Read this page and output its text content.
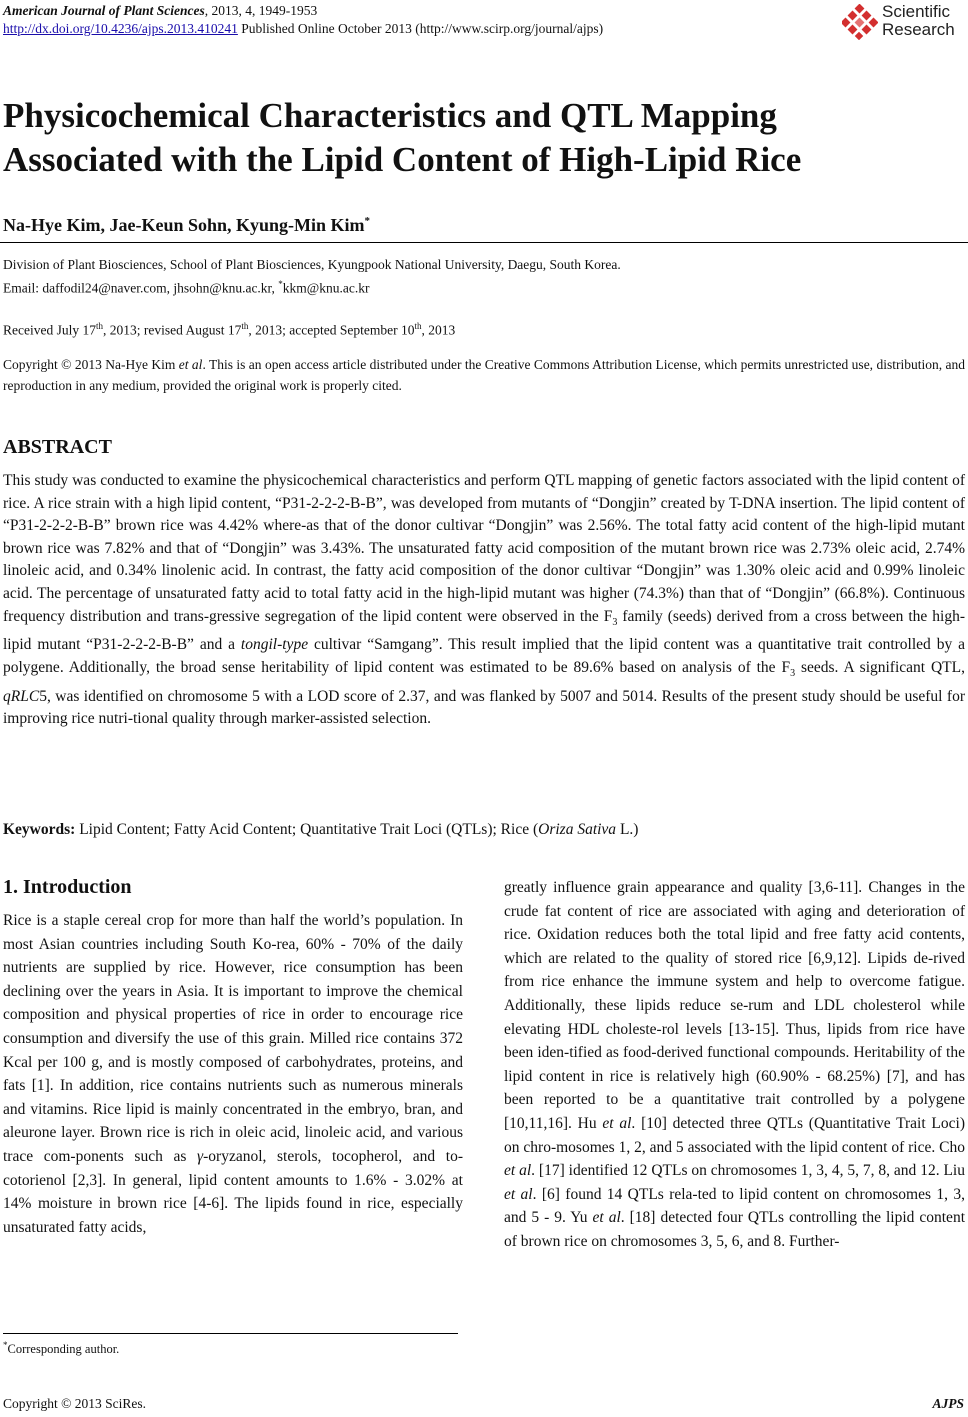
American Journal of Plant Sciences, 2013, 4, 1949-1953
http://dx.doi.org/10.4236/ajps.2013.410241 Published Online October 2013 (http://www.scirp.org/journal/ajps)
Scientific
Research
Physicochemical Characteristics and QTL Mapping Associated with the Lipid Content of High-Lipid Rice
Na-Hye Kim, Jae-Keun Sohn, Kyung-Min Kim*
Division of Plant Biosciences, School of Plant Biosciences, Kyungpook National University, Daegu, South Korea.
Email: daffodil24@naver.com, jhsohn@knu.ac.kr, *kkm@knu.ac.kr
Received July 17th, 2013; revised August 17th, 2013; accepted September 10th, 2013

Copyright © 2013 Na-Hye Kim et al. This is an open access article distributed under the Creative Commons Attribution License, which permits unrestricted use, distribution, and reproduction in any medium, provided the original work is properly cited.

ABSTRACT

This study was conducted to examine the physicochemical characteristics and perform QTL mapping of genetic factors associated with the lipid content of rice. A rice strain with a high lipid content, “P31-2-2-2-B-B”, was developed from mutants of “Dongjin” created by T-DNA insertion. The lipid content of “P31-2-2-2-B-B” brown rice was 4.42% where-as that of the donor cultivar “Dongjin” was 2.56%. The total fatty acid content of the high-lipid mutant brown rice was 7.82% and that of “Dongjin” was 3.43%. The unsaturated fatty acid composition of the mutant brown rice was 2.73% oleic acid, 2.74% linoleic acid, and 0.34% linolenic acid. In contrast, the fatty acid composition of the donor cultivar “Dongjin” was 1.30% oleic acid and 0.99% linoleic acid. The percentage of unsaturated fatty acid to total fatty acid in the high-lipid mutant was higher (74.3%) than that of “Dongjin” (66.8%). Continuous frequency distribution and trans-gressive segregation of the lipid content were observed in the $F_3$ family (seeds) derived from a cross between the high-lipid mutant “P31-2-2-2-B-B” and a tongil-type cultivar “Samgang”. This result implied that the lipid content was a quantitative trait controlled by a polygene. Additionally, the broad sense heritability of lipid content was estimated to be 89.6% based on analysis of the $F_3$ seeds. A significant QTL, qRLC5, was identified on chromosome 5 with a LOD score of 2.37, and was flanked by 5007 and 5014. Results of the present study should be useful for improving rice nutri-tional quality through marker-assisted selection.

Keywords: Lipid Content; Fatty Acid Content; Quantitative Trait Loci (QTLs); Rice (Oriza Sativa L.)

1. Introduction

Rice is a staple cereal crop for more than half the world’s population. In most Asian countries including South Ko-rea, 60% - 70% of the daily nutrients are supplied by rice. However, rice consumption has been declining over the years in Asia. It is important to improve the chemical composition and physical properties of rice in order to encourage rice consumption and diversify the use of this grain. Milled rice contains 372 Kcal per 100 g, and is mostly composed of carbohydrates, proteins, and fats [1]. In addition, rice contains nutrients such as numerous minerals and vitamins. Rice lipid is mainly concentrated in the embryo, bran, and aleurone layer. Brown rice is rich in oleic acid, linoleic acid, and various trace com-ponents such as γ-oryzanol, sterols, tocopherol, and to-cotorienol [2,3]. In general, lipid content amounts to 1.6% - 3.02% at 14% moisture in brown rice [4-6]. The lipids found in rice, especially unsaturated fatty acids,

greatly influence grain appearance and quality [3,6-11]. Changes in the crude fat content of rice are associated with aging and deterioration of rice. Oxidation reduces both the total lipid and free fatty acid contents, which are related to the quality of stored rice [6,9,12]. Lipids de-rived from rice enhance the immune system and help to overcome fatigue. Additionally, these lipids reduce se-rum and LDL cholesterol while elevating HDL choleste-rol levels [13-15]. Thus, lipids from rice have been iden-tified as food-derived functional compounds. Heritability of the lipid content in rice is relatively high (60.90% - 68.25%) [7], and has been reported to be a quantitative trait controlled by a polygene [10,11,16]. Hu et al. [10] detected three QTLs (Quantitative Trait Loci) on chro-mosomes 1, 2, and 5 associated with the lipid content of rice. Cho et al. [17] identified 12 QTLs on chromosomes 1, 3, 4, 5, 7, 8, and 12. Liu et al. [6] found 14 QTLs rela-ted to lipid content on chromosomes 1, 3, and 5 - 9. Yu et al. [18] detected four QTLs controlling the lipid content of brown rice on chromosomes 3, 5, 6, and 8. Further-

*Corresponding author.
Copyright © 2013 SciRes.	AJPS
